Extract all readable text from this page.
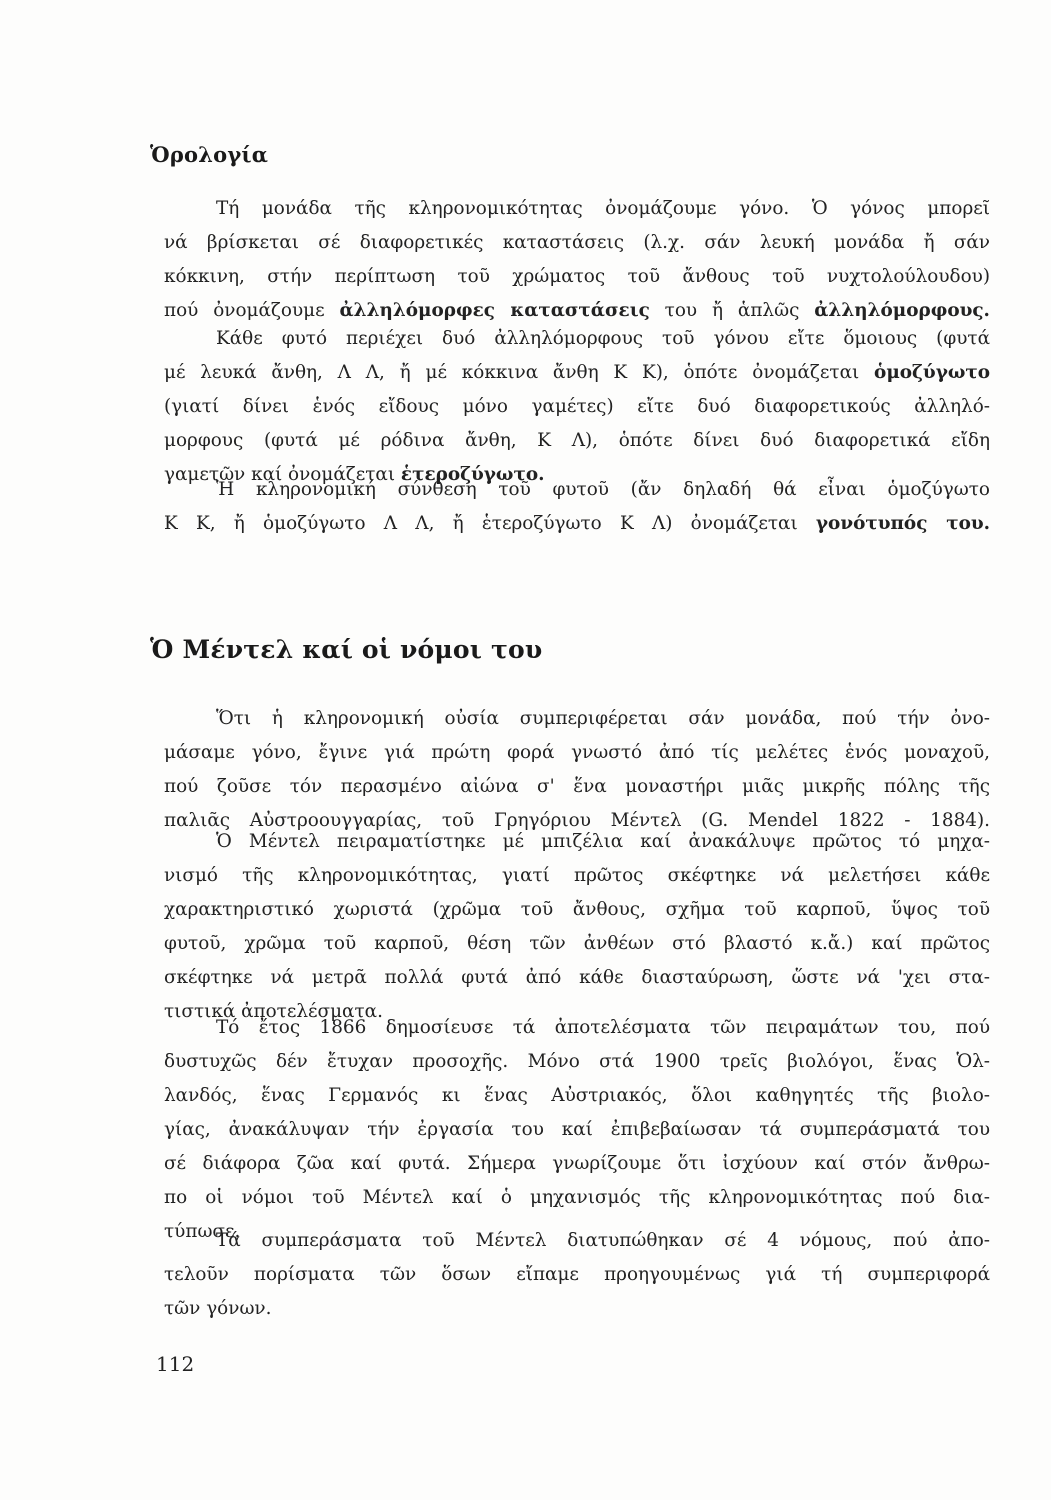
Ὁρολογία
Τή μονάδα τῆς κληρονομικότητας ὀνομάζουμε γόνο. Ὁ γόνος μπορεῖ
νά βρίσκεται σέ διαφορετικές καταστάσεις (λ.χ. σάν λευκή μονάδα ἤ σάν
κόκκινη, στήν περίπτωση τοῦ χρώματος τοῦ ἄνθους τοῦ νυχτολούλουδου)
πού ὀνομάζουμε ἀλληλόμορφες καταστάσεις του ἤ ἁπλῶς ἀλληλόμορφους.
Κάθε φυτό περιέχει δυό ἀλληλόμορφους τοῦ γόνου εἴτε ὅμοιους (φυτά
μέ λευκά ἄνθη, Λ Λ, ἤ μέ κόκκινα ἄνθη Κ Κ), ὁπότε ὀνομάζεται ὁμοζύγωτο
(γιατί δίνει ἑνός εἴδους μόνο γαμέτες) εἴτε δυό διαφορετικούς ἀλληλό-
μορφους (φυτά μέ ρόδινα ἄνθη, Κ Λ), ὁπότε δίνει δυό διαφορετικά εἴδη
γαμετῶν καί ὀνομάζεται ἑτεροζύγωτο.
Ἡ κληρονομική σύνθεση τοῦ φυτοῦ (ἄν δηλαδή θά εἶναι ὁμοζύγωτο
Κ Κ, ἤ ὁμοζύγωτο Λ Λ, ἤ ἑτεροζύγωτο Κ Λ) ὀνομάζεται γονότυπός του.
Ὁ Μέντελ καί οἱ νόμοι του
Ὅτι ἡ κληρονομική οὐσία συμπεριφέρεται σάν μονάδα, πού τήν ὀνο-
μάσαμε γόνο, ἔγινε γιά πρώτη φορά γνωστό ἀπό τίς μελέτες ἑνός μοναχοῦ,
πού ζοῦσε τόν περασμένο αἰώνα σ' ἕνα μοναστήρι μιᾶς μικρῆς πόλης τῆς
παλιᾶς Αὐστροουγγαρίας, τοῦ Γρηγόριου Μέντελ (G. Mendel 1822 - 1884).
Ὁ Μέντελ πειραματίστηκε μέ μπιζέλια καί ἀνακάλυψε πρῶτος τό μηχα-
νισμό τῆς κληρονομικότητας, γιατί πρῶτος σκέφτηκε νά μελετήσει κάθε
χαρακτηριστικό χωριστά (χρῶμα τοῦ ἄνθους, σχῆμα τοῦ καρποῦ, ὕψος τοῦ
φυτοῦ, χρῶμα τοῦ καρποῦ, θέση τῶν ἀνθέων στό βλαστό κ.ἄ.) καί πρῶτος
σκέφτηκε νά μετρᾶ πολλά φυτά ἀπό κάθε διασταύρωση, ὥστε νά 'χει στα-
τιστικά ἀποτελέσματα.
Τό ἔτος 1866 δημοσίευσε τά ἀποτελέσματα τῶν πειραμάτων του, πού
δυστυχῶς δέν ἔτυχαν προσοχῆς. Μόνο στά 1900 τρεῖς βιολόγοι, ἕνας Ὁλ-
λανδός, ἕνας Γερμανός κι ἕνας Αὐστριακός, ὅλοι καθηγητές τῆς βιολο-
γίας, ἀνακάλυψαν τήν ἐργασία του καί ἐπιβεβαίωσαν τά συμπεράσματά του
σέ διάφορα ζῶα καί φυτά. Σήμερα γνωρίζουμε ὅτι ἰσχύουν καί στόν ἄνθρω-
πο οἱ νόμοι τοῦ Μέντελ καί ὁ μηχανισμός τῆς κληρονομικότητας πού δια-
τύπωσε.
Τά συμπεράσματα τοῦ Μέντελ διατυπώθηκαν σέ 4 νόμους, πού ἀπο-
τελοῦν πορίσματα τῶν ὅσων εἴπαμε προηγουμένως γιά τή συμπεριφορά
τῶν γόνων.
112
